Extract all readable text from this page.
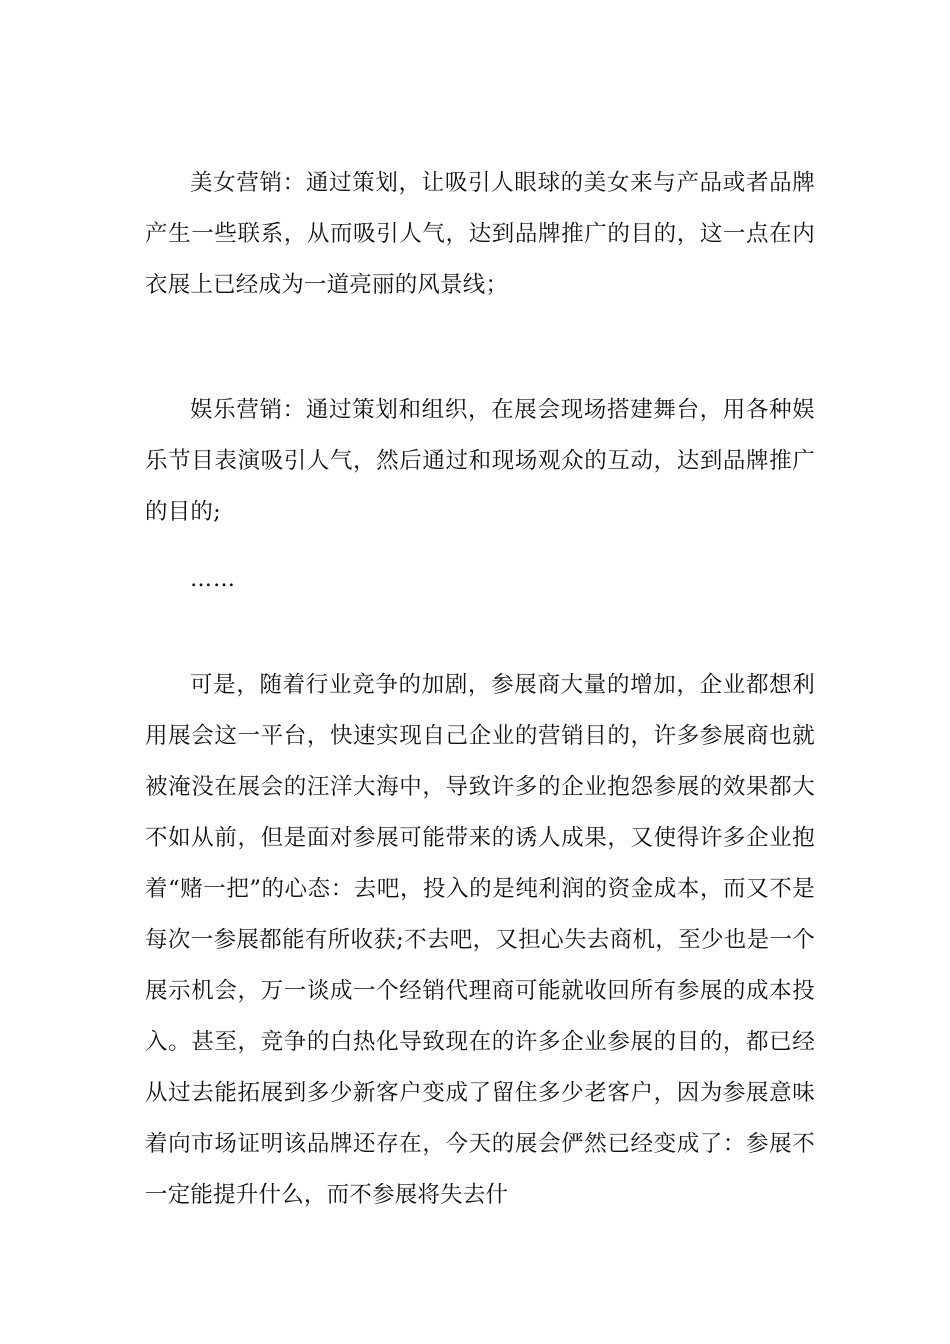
美女营销：通过策划，让吸引人眼球的美女来与产品或者品牌产生一些联系，从而吸引人气，达到品牌推广的目的，这一点在内衣展上已经成为一道亮丽的风景线；

娱乐营销：通过策划和组织，在展会现场搭建舞台，用各种娱乐节目表演吸引人气，然后通过和现场观众的互动，达到品牌推广的目的;

……

可是，随着行业竞争的加剧，参展商大量的增加，企业都想利用展会这一平台，快速实现自己企业的营销目的，许多参展商也就被淹没在展会的汪洋大海中，导致许多的企业抱怨参展的效果都大不如从前，但是面对参展可能带来的诱人成果，又使得许多企业抱着“赌一把”的心态：去吧，投入的是纯利润的资金成本，而又不是每次一参展都能有所收获;不去吧，又担心失去商机，至少也是一个展示机会，万一谈成一个经销代理商可能就收回所有参展的成本投入。甚至，竞争的白热化导致现在的许多企业参展的目的，都已经从过去能拓展到多少新客户变成了留住多少老客户，因为参展意味着向市场证明该品牌还存在，今天的展会俨然已经变成了：参展不一定能提升什么，而不参展将失去什
